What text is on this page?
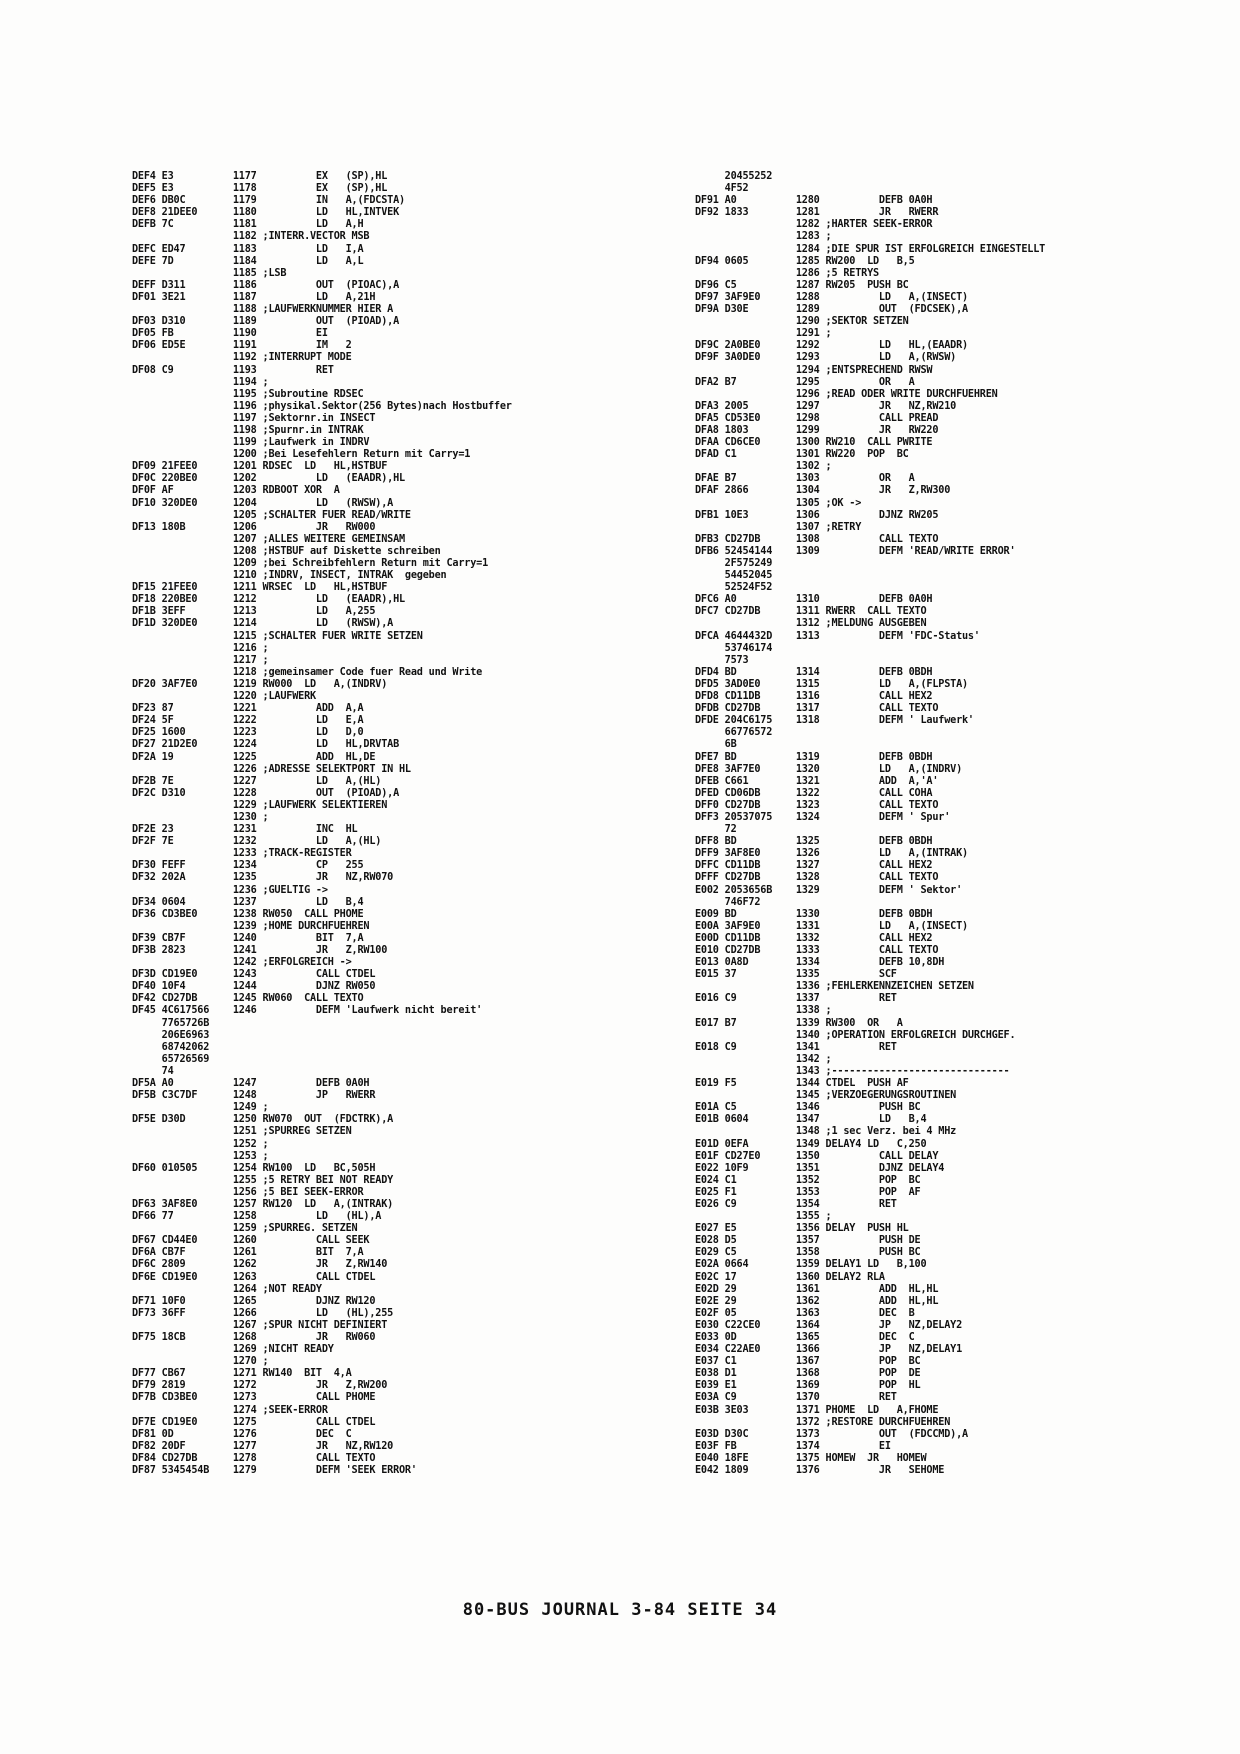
DEF4 E3          1177          EX   (SP),HL
DEF5 E3          1178          EX   (SP),HL
DEF6 DB0C        1179          IN   A,(FDCSTA)
DEF8 21DEE0      1180          LD   HL,INTVEK
DEFB 7C          1181          LD   A,H
1182 ;INTERR.VECTOR MSB
DEFC ED47        1183          LD   I,A
DEFE 7D          1184          LD   A,L
1185 ;LSB
DEFF D311        1186          OUT  (PIOAC),A
DF01 3E21        1187          LD   A,21H
1188 ;LAUFWERKNUMMER HIER A
DF03 D310        1189          OUT  (PIOAD),A
DF05 FB          1190          EI
DF06 ED5E        1191          IM   2
1192 ;INTERRUPT MODE
DF08 C9          1193          RET
1194 ;
1195 ;Subroutine RDSEC
1196 ;physikal.Sektor(256 Bytes)nach Hostbuffer
1197 ;Sektornr.in INSECT
1198 ;Spurnr.in INTRAK
1199 ;Laufwerk in INDRV
1200 ;Bei Lesefehlern Return mit Carry=1
DF09 21FEE0      1201 RDSEC  LD   HL,HSTBUF
DF0C 220BE0      1202          LD   (EAADR),HL
DF0F AF          1203 RDBOOT XOR  A
DF10 320DE0      1204          LD   (RWSW),A
1205 ;SCHALTER FUER READ/WRITE
DF13 180B        1206          JR   RW000
1207 ;ALLES WEITERE GEMEINSAM
1208 ;HSTBUF auf Diskette schreiben
1209 ;bei Schreibfehlern Return mit Carry=1
1210 ;INDRV, INSECT, INTRAK  gegeben
DF15 21FEE0      1211 WRSEC  LD   HL,HSTBUF
DF18 220BE0      1212          LD   (EAADR),HL
DF1B 3EFF        1213          LD   A,255
DF1D 320DE0      1214          LD   (RWSW),A
1215 ;SCHALTER FUER WRITE SETZEN
1216 ;
1217 ;
1218 ;gemeinsamer Code fuer Read und Write
DF20 3AF7E0      1219 RW000  LD   A,(INDRV)
1220 ;LAUFWERK
DF23 87          1221          ADD  A,A
DF24 5F          1222          LD   E,A
DF25 1600        1223          LD   D,0
DF27 21D2E0      1224          LD   HL,DRVTAB
DF2A 19          1225          ADD  HL,DE
1226 ;ADRESSE SELEKTPORT IN HL
DF2B 7E          1227          LD   A,(HL)
DF2C D310        1228          OUT  (PIOAD),A
1229 ;LAUFWERK SELEKTIEREN
1230 ;
DF2E 23          1231          INC  HL
DF2F 7E          1232          LD   A,(HL)
1233 ;TRACK-REGISTER
DF30 FEFF        1234          CP   255
DF32 202A        1235          JR   NZ,RW070
1236 ;GUELTIG ->
DF34 0604        1237          LD   B,4
DF36 CD3BE0      1238 RW050  CALL PHOME
1239 ;HOME DURCHFUEHREN
DF39 CB7F        1240          BIT  7,A
DF3B 2823        1241          JR   Z,RW100
1242 ;ERFOLGREICH ->
DF3D CD19E0      1243          CALL CTDEL
DF40 10F4        1244          DJNZ RW050
DF42 CD27DB      1245 RW060  CALL TEXTO
DF45 4C617566    1246          DEFM 'Laufwerk nicht bereit'
7765726B
206E6963
68742062
65726569
74
DF5A A0          1247          DEFB 0A0H
DF5B C3C7DF      1248          JP   RWERR
1249 ;
DF5E D30D        1250 RW070  OUT  (FDCTRK),A
1251 ;SPURREG SETZEN
1252 ;
1253 ;
DF60 010505      1254 RW100  LD   BC,505H
1255 ;5 RETRY BEI NOT READY
1256 ;5 BEI SEEK-ERROR
DF63 3AF8E0      1257 RW120  LD   A,(INTRAK)
DF66 77          1258          LD   (HL),A
1259 ;SPURREG. SETZEN
DF67 CD44E0      1260          CALL SEEK
DF6A CB7F        1261          BIT  7,A
DF6C 2809        1262          JR   Z,RW140
DF6E CD19E0      1263          CALL CTDEL
1264 ;NOT READY
DF71 10F0        1265          DJNZ RW120
DF73 36FF        1266          LD   (HL),255
1267 ;SPUR NICHT DEFINIERT
DF75 18CB        1268          JR   RW060
1269 ;NICHT READY
1270 ;
DF77 CB67        1271 RW140  BIT  4,A
DF79 2819        1272          JR   Z,RW200
DF7B CD3BE0      1273          CALL PHOME
1274 ;SEEK-ERROR
DF7E CD19E0      1275          CALL CTDEL
DF81 0D          1276          DEC  C
DF82 20DF        1277          JR   NZ,RW120
DF84 CD27DB      1278          CALL TEXTO
DF87 5345454B    1279          DEFM 'SEEK ERROR'
20455252
4F52
DF91 A0          1280          DEFB 0A0H
DF92 1833        1281          JR   RWERR
1282 ;HARTER SEEK-ERROR
1283 ;
1284 ;DIE SPUR IST ERFOLGREICH EINGESTELLT
DF94 0605        1285 RW200  LD   B,5
1286 ;5 RETRYS
DF96 C5          1287 RW205  PUSH BC
DF97 3AF9E0      1288          LD   A,(INSECT)
DF9A D30E        1289          OUT  (FDCSEK),A
1290 ;SEKTOR SETZEN
1291 ;
DF9C 2A0BE0      1292          LD   HL,(EAADR)
DF9F 3A0DE0      1293          LD   A,(RWSW)
1294 ;ENTSPRECHEND RWSW
DFA2 B7          1295          OR   A
1296 ;READ ODER WRITE DURCHFUEHREN
DFA3 2005        1297          JR   NZ,RW210
DFA5 CD53E0      1298          CALL PREAD
DFA8 1803        1299          JR   RW220
DFAA CD6CE0      1300 RW210  CALL PWRITE
DFAD C1          1301 RW220  POP  BC
1302 ;
DFAE B7          1303          OR   A
DFAF 2866        1304          JR   Z,RW300
1305 ;OK ->
DFB1 10E3        1306          DJNZ RW205
1307 ;RETRY
DFB3 CD27DB      1308          CALL TEXTO
DFB6 52454144    1309          DEFM 'READ/WRITE ERROR'
2F575249
54452045
52524F52
DFC6 A0          1310          DEFB 0A0H
DFC7 CD27DB      1311 RWERR  CALL TEXTO
1312 ;MELDUNG AUSGEBEN
DFCA 4644432D    1313          DEFM 'FDC-Status'
53746174
7573
DFD4 BD          1314          DEFB 0BDH
DFD5 3AD0E0      1315          LD   A,(FLPSTA)
DFD8 CD11DB      1316          CALL HEX2
DFDB CD27DB      1317          CALL TEXTO
DFDE 204C6175    1318          DEFM ' Laufwerk'
66776572
6B
DFE7 BD          1319          DEFB 0BDH
DFE8 3AF7E0      1320          LD   A,(INDRV)
DFEB C661        1321          ADD  A,'A'
DFED CD06DB      1322          CALL COHA
DFF0 CD27DB      1323          CALL TEXTO
DFF3 20537075    1324          DEFM ' Spur'
72
DFF8 BD          1325          DEFB 0BDH
DFF9 3AF8E0      1326          LD   A,(INTRAK)
DFFC CD11DB      1327          CALL HEX2
DFFF CD27DB      1328          CALL TEXTO
E002 2053656B    1329          DEFM ' Sektor'
746F72
E009 BD          1330          DEFB 0BDH
E00A 3AF9E0      1331          LD   A,(INSECT)
E00D CD11DB      1332          CALL HEX2
E010 CD27DB      1333          CALL TEXTO
E013 0A8D        1334          DEFB 10,8DH
E015 37          1335          SCF
1336 ;FEHLERKENNZEICHEN SETZEN
E016 C9          1337          RET
1338 ;
E017 B7          1339 RW300  OR   A
1340 ;OPERATION ERFOLGREICH DURCHGEF.
E018 C9          1341          RET
1342 ;
1343 ;------------------------------
E019 F5          1344 CTDEL  PUSH AF
1345 ;VERZOEGERUNGSROUTINEN
E01A C5          1346          PUSH BC
E01B 0604        1347          LD   B,4
1348 ;1 sec Verz. bei 4 MHz
E01D 0EFA        1349 DELAY4 LD   C,250
E01F CD27E0      1350          CALL DELAY
E022 10F9        1351          DJNZ DELAY4
E024 C1          1352          POP  BC
E025 F1          1353          POP  AF
E026 C9          1354          RET
1355 ;
E027 E5          1356 DELAY  PUSH HL
E028 D5          1357          PUSH DE
E029 C5          1358          PUSH BC
E02A 0664        1359 DELAY1 LD   B,100
E02C 17          1360 DELAY2 RLA
E02D 29          1361          ADD  HL,HL
E02E 29          1362          ADD  HL,HL
E02F 05          1363          DEC  B
E030 C22CE0      1364          JP   NZ,DELAY2
E033 0D          1365          DEC  C
E034 C22AE0      1366          JP   NZ,DELAY1
E037 C1          1367          POP  BC
E038 D1          1368          POP  DE
E039 E1          1369          POP  HL
E03A C9          1370          RET
E03B 3E03        1371 PHOME  LD   A,FHOME
1372 ;RESTORE DURCHFUEHREN
E03D D30C        1373          OUT  (FDCCMD),A
E03F FB          1374          EI
E040 18FE        1375 HOMEW  JR   HOMEW
E042 1809        1376          JR   SEHOME
80-BUS JOURNAL 3-84 SEITE 34
